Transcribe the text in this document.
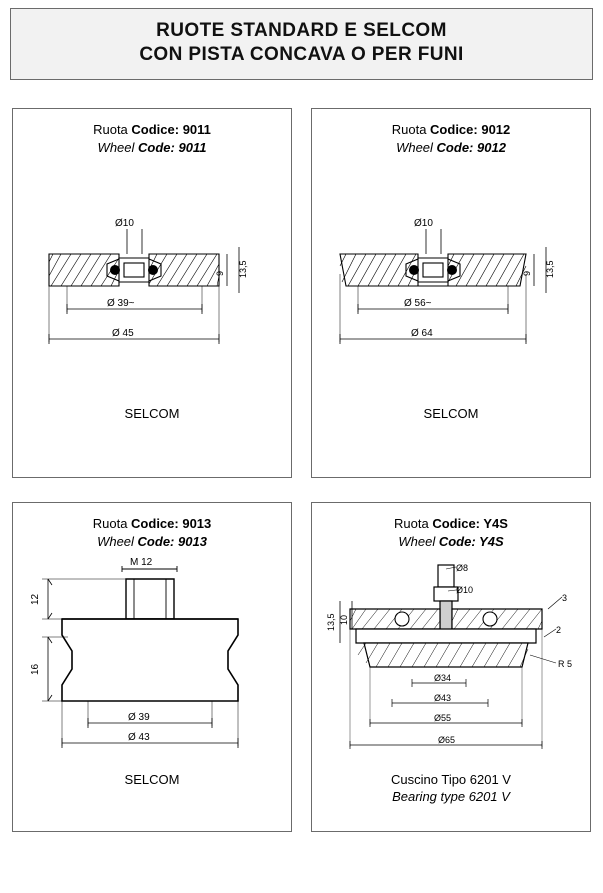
RUOTE STANDARD E SELCOM
CON PISTA CONCAVA O PER FUNI
Ruota Codice: 9011
Wheel Code: 9011
Ø10
9 13,5
Ø 39~
Ø 45
SELCOM
Ruota Codice: 9012
Wheel Code: 9012
Ø10
9 13,5
Ø 56~
Ø 64
SELCOM
Ruota Codice: 9013
Wheel Code: 9013
M 12
12
16
Ø 39
Ø 43
SELCOM
Ruota Codice: Y4S
Wheel Code: Y4S
Ø8
Ø10
13,5 10
3
2
R 5
Ø34
Ø43
Ø55
Ø65
Cuscino Tipo 6201 V
Bearing type 6201 V
